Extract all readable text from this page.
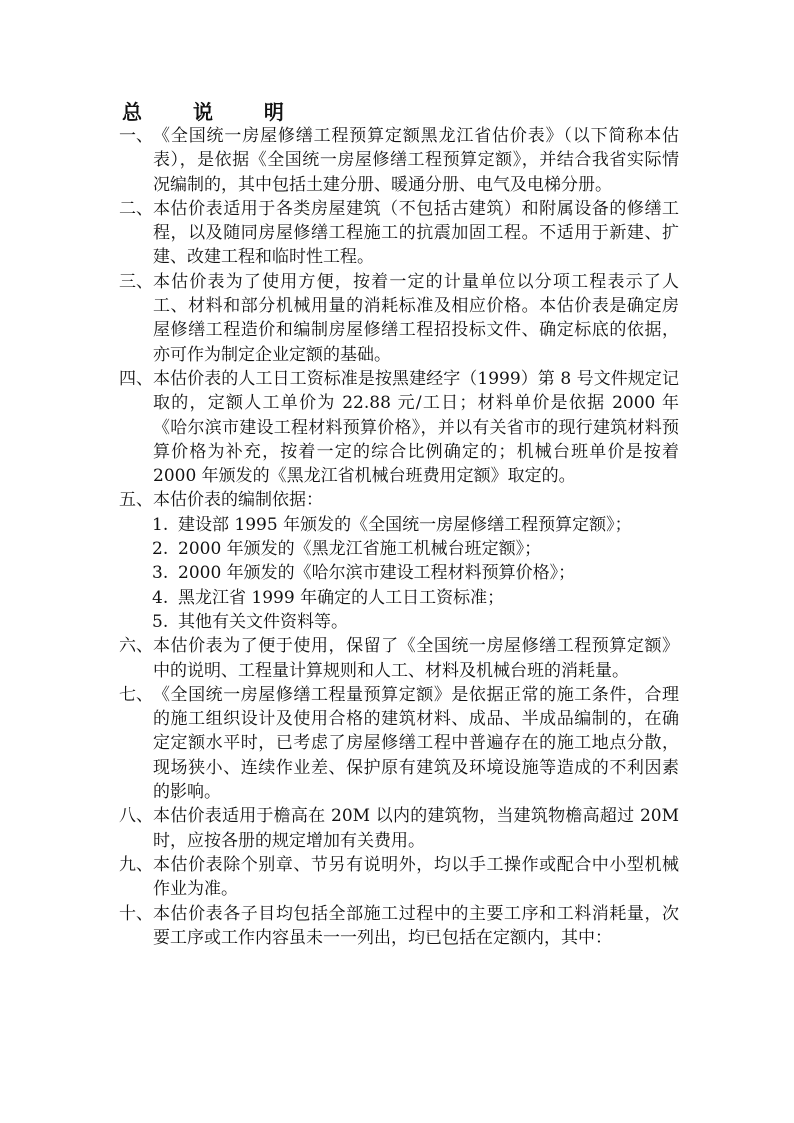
总 说 明
一、 《全国统一房屋修缮工程预算定额黑龙江省估价表》（以下简称本估表），是依据《全国统一房屋修缮工程预算定额》，并结合我省实际情况编制的，其中包括土建分册、暖通分册、电气及电梯分册。
二、 本估价表适用于各类房屋建筑（不包括古建筑）和附属设备的修缮工程，以及随同房屋修缮工程施工的抗震加固工程。不适用于新建、扩建、改建工程和临时性工程。
三、 本估价表为了使用方便，按着一定的计量单位以分项工程表示了人工、材料和部分机械用量的消耗标准及相应价格。本估价表是确定房屋修缮工程造价和编制房屋修缮工程招投标文件、确定标底的依据，亦可作为制定企业定额的基础。
四、 本估价表的人工日工资标准是按黑建经字（1999）第 8 号文件规定记取的，定额人工单价为 22.88 元/工日；材料单价是依据 2000 年《哈尔滨市建设工程材料预算价格》，并以有关省市的现行建筑材料预算价格为补充，按着一定的综合比例确定的；机械台班单价是按着 2000 年颁发的《黑龙江省机械台班费用定额》取定的。
五、 本估价表的编制依据：
1. 建设部 1995 年颁发的《全国统一房屋修缮工程预算定额》；
2. 2000 年颁发的《黑龙江省施工机械台班定额》；
3. 2000 年颁发的《哈尔滨市建设工程材料预算价格》；
4. 黑龙江省 1999 年确定的人工日工资标准；
5. 其他有关文件资料等。
六、 本估价表为了便于使用，保留了《全国统一房屋修缮工程预算定额》中的说明、工程量计算规则和人工、材料及机械台班的消耗量。
七、 《全国统一房屋修缮工程量预算定额》是依据正常的施工条件，合理的施工组织设计及使用合格的建筑材料、成品、半成品编制的，在确定定额水平时，已考虑了房屋修缮工程中普遍存在的施工地点分散，现场狭小、连续作业差、保护原有建筑及环境设施等造成的不利因素的影响。
八、 本估价表适用于檐高在 20M 以内的建筑物，当建筑物檐高超过 20M 时，应按各册的规定增加有关费用。
九、 本估价表除个别章、节另有说明外，均以手工操作或配合中小型机械作业为准。
十、 本估价表各子目均包括全部施工过程中的主要工序和工料消耗量，次要工序或工作内容虽未一一列出，均已包括在定额内，其中：
